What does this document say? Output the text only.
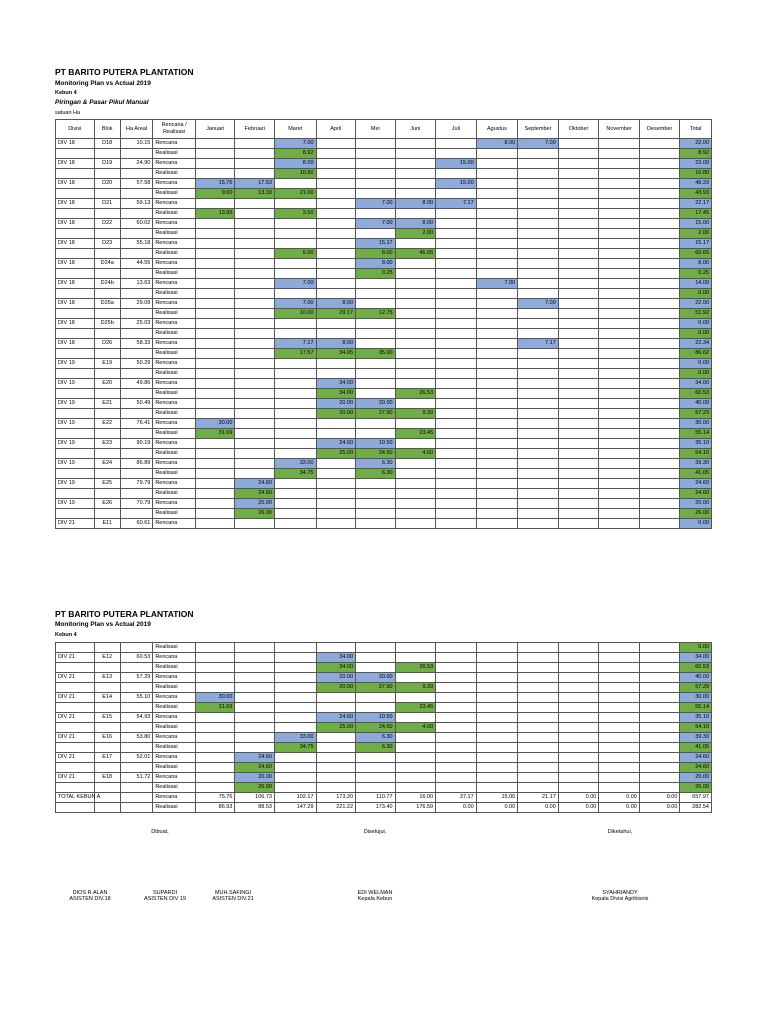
PT BARITO PUTERA PLANTATION
Monitoring Plan vs Actual 2019
Kebun 4
Piringan & Pasar Pikul Manual
satuan Ha
Divisi	Blok	Ha Areal	Rencana / Realisasi	Januari	Februari	Maret	April	Mei	Juni	Juli	Agustus	September	Oktober	November	Desember	Total
DIV 18	D18	10.15	Rencana			7.00					8.00	7.00				22.00
			Realisasi			8.92										8.92
DIV 18	D19	24.90	Rencana			8.00				15.00						23.00
			Realisasi			10.80										10.80
DIV 18	D20	57.58	Rencana	15.76	17.53					15.00						48.29
			Realisasi	9.60	13.33	21.00										43.93
DIV 18	D21	59.13	Rencana					7.00	8.00	7.17						22.17
			Realisasi	13.95		3.50										17.45
DIV 18	D22	60.02	Rencana					7.00	8.00							15.00
			Realisasi						2.00							2.00
DIV 18	D23	55.18	Rencana					15.17								15.17
			Realisasi			6.00		8.00	46.65							60.65
DIV 18	D24a	44.55	Rencana					8.00								8.00
			Realisasi					0.25								0.25
DIV 18	D24b	13.63	Rencana			7.00					7.00					14.00
			Realisasi													0.00
DIV 18	D25a	29.09	Rencana			7.00	8.00					7.00				22.00
			Realisasi			10.00	29.17	12.75								51.92
DIV 18	D25b	25.03	Rencana													0.00
			Realisasi													0.00
DIV 18	D26	58.33	Rencana			7.17	8.00					7.17				22.34
			Realisasi			17.57	34.05	35.00								86.62
DIV 19	E19	50.29	Rencana													0.00
			Realisasi													0.00
DIV 19	E20	49.86	Rencana				34.00									34.00
			Realisasi				34.00		26.53							60.53
DIV 19	E21	50.49	Rencana				20.00	20.00								40.00
			Realisasi				20.00	27.90	9.39							57.29
DIV 19	E22	76.41	Rencana	30.00												30.00
			Realisasi	31.69					23.45							55.14
DIV 19	E23	90.19	Rencana				24.60	10.50								35.10
			Realisasi				25.00	24.50	4.60							54.10
DIV 19	E24	86.89	Rencana			33.00		6.30								39.30
			Realisasi			34.75		6.30								41.05
DIV 19	E25	79.79	Rencana		24.60											24.60
			Realisasi		24.60											24.60
DIV 19	E26	70.79	Rencana		20.00											20.00
			Realisasi		26.00											26.00
DIV 21	E11	60.61	Rencana													0.00
PT BARITO PUTERA PLANTATION
Monitoring Plan vs Actual 2019
Kebun 4
			Realisasi													0.00
DIV 21	E12	60.53	Rencana				34.00									34.00
			Realisasi				34.00		26.53							60.53
DIV 21	E13	57.29	Rencana				20.00	20.00								40.00
			Realisasi				20.00	27.90	9.39							57.29
DIV 21	E14	55.10	Rencana	30.00												30.00
			Realisasi	31.69					23.45							55.14
DIV 21	E15	54.93	Rencana				24.60	10.50								35.10
			Realisasi				25.00	24.50	4.60							54.10
DIV 21	E16	53.80	Rencana			33.00		6.30								39.30
			Realisasi			34.75		6.30								41.05
DIV 21	E17	52.01	Rencana		24.60											24.60
			Realisasi		24.60											24.60
DIV 21	E18	51.72	Rencana		20.00											20.00
			Realisasi		26.00											26.00
TOTAL KEBUN A			Rencana	75.76	106.73	102.17	173.20	110.77	16.00	37.17	15.00	21.17	0.00	0.00	0.00	657.97
			Realisasi	86.93	88.53	147.29	221.22	173.40	176.59	0.00	0.00	0.00	0.00	0.00	0.00	282.54
Dibuat,	Disetujui,	Diketahui,
DIOS R.ALAN
ASISTEN DIV.18
SUPARDI
ASISTEN DIV 19
MUH.SAFINGI
ASISTEN DIV.21
EDI WELMAN
Kepala Kebun
SYAHRIANDY
Kepala Divisi Agribisnis
